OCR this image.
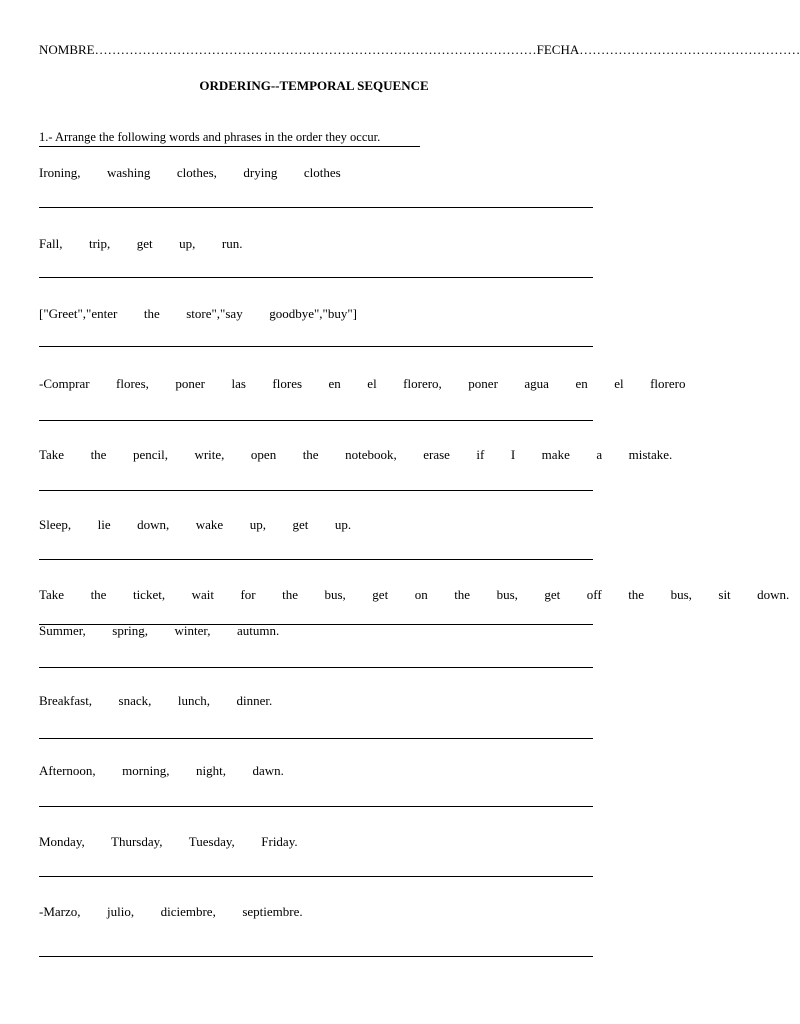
NOMBRE…………………………………………………………………………………………FECHA……………………………………………
ORDERING--TEMPORAL SEQUENCE
1.- Arrange the following words and phrases in the order they occur.
Ironing,  washing  clothes,  drying  clothes
Fall,  trip,  get  up,  run.
["Greet","enter  the  store","say  goodbye","buy"]
-Comprar  flores,  poner  las  flores  en  el  florero,  poner  agua  en  el  florero
Take  the  pencil,  write,  open  the  notebook,  erase  if  I  make  a  mistake.
Sleep,  lie  down,  wake  up,  get  up.
Take  the  ticket,  wait  for  the  bus,  get  on  the  bus,  get  off  the  bus,  sit  down.
Summer,  spring,  winter,  autumn.
Breakfast,  snack,  lunch,  dinner.
Afternoon,  morning,  night,  dawn.
Monday,  Thursday,  Tuesday,  Friday.
-Marzo,  julio,  diciembre,  septiembre.
